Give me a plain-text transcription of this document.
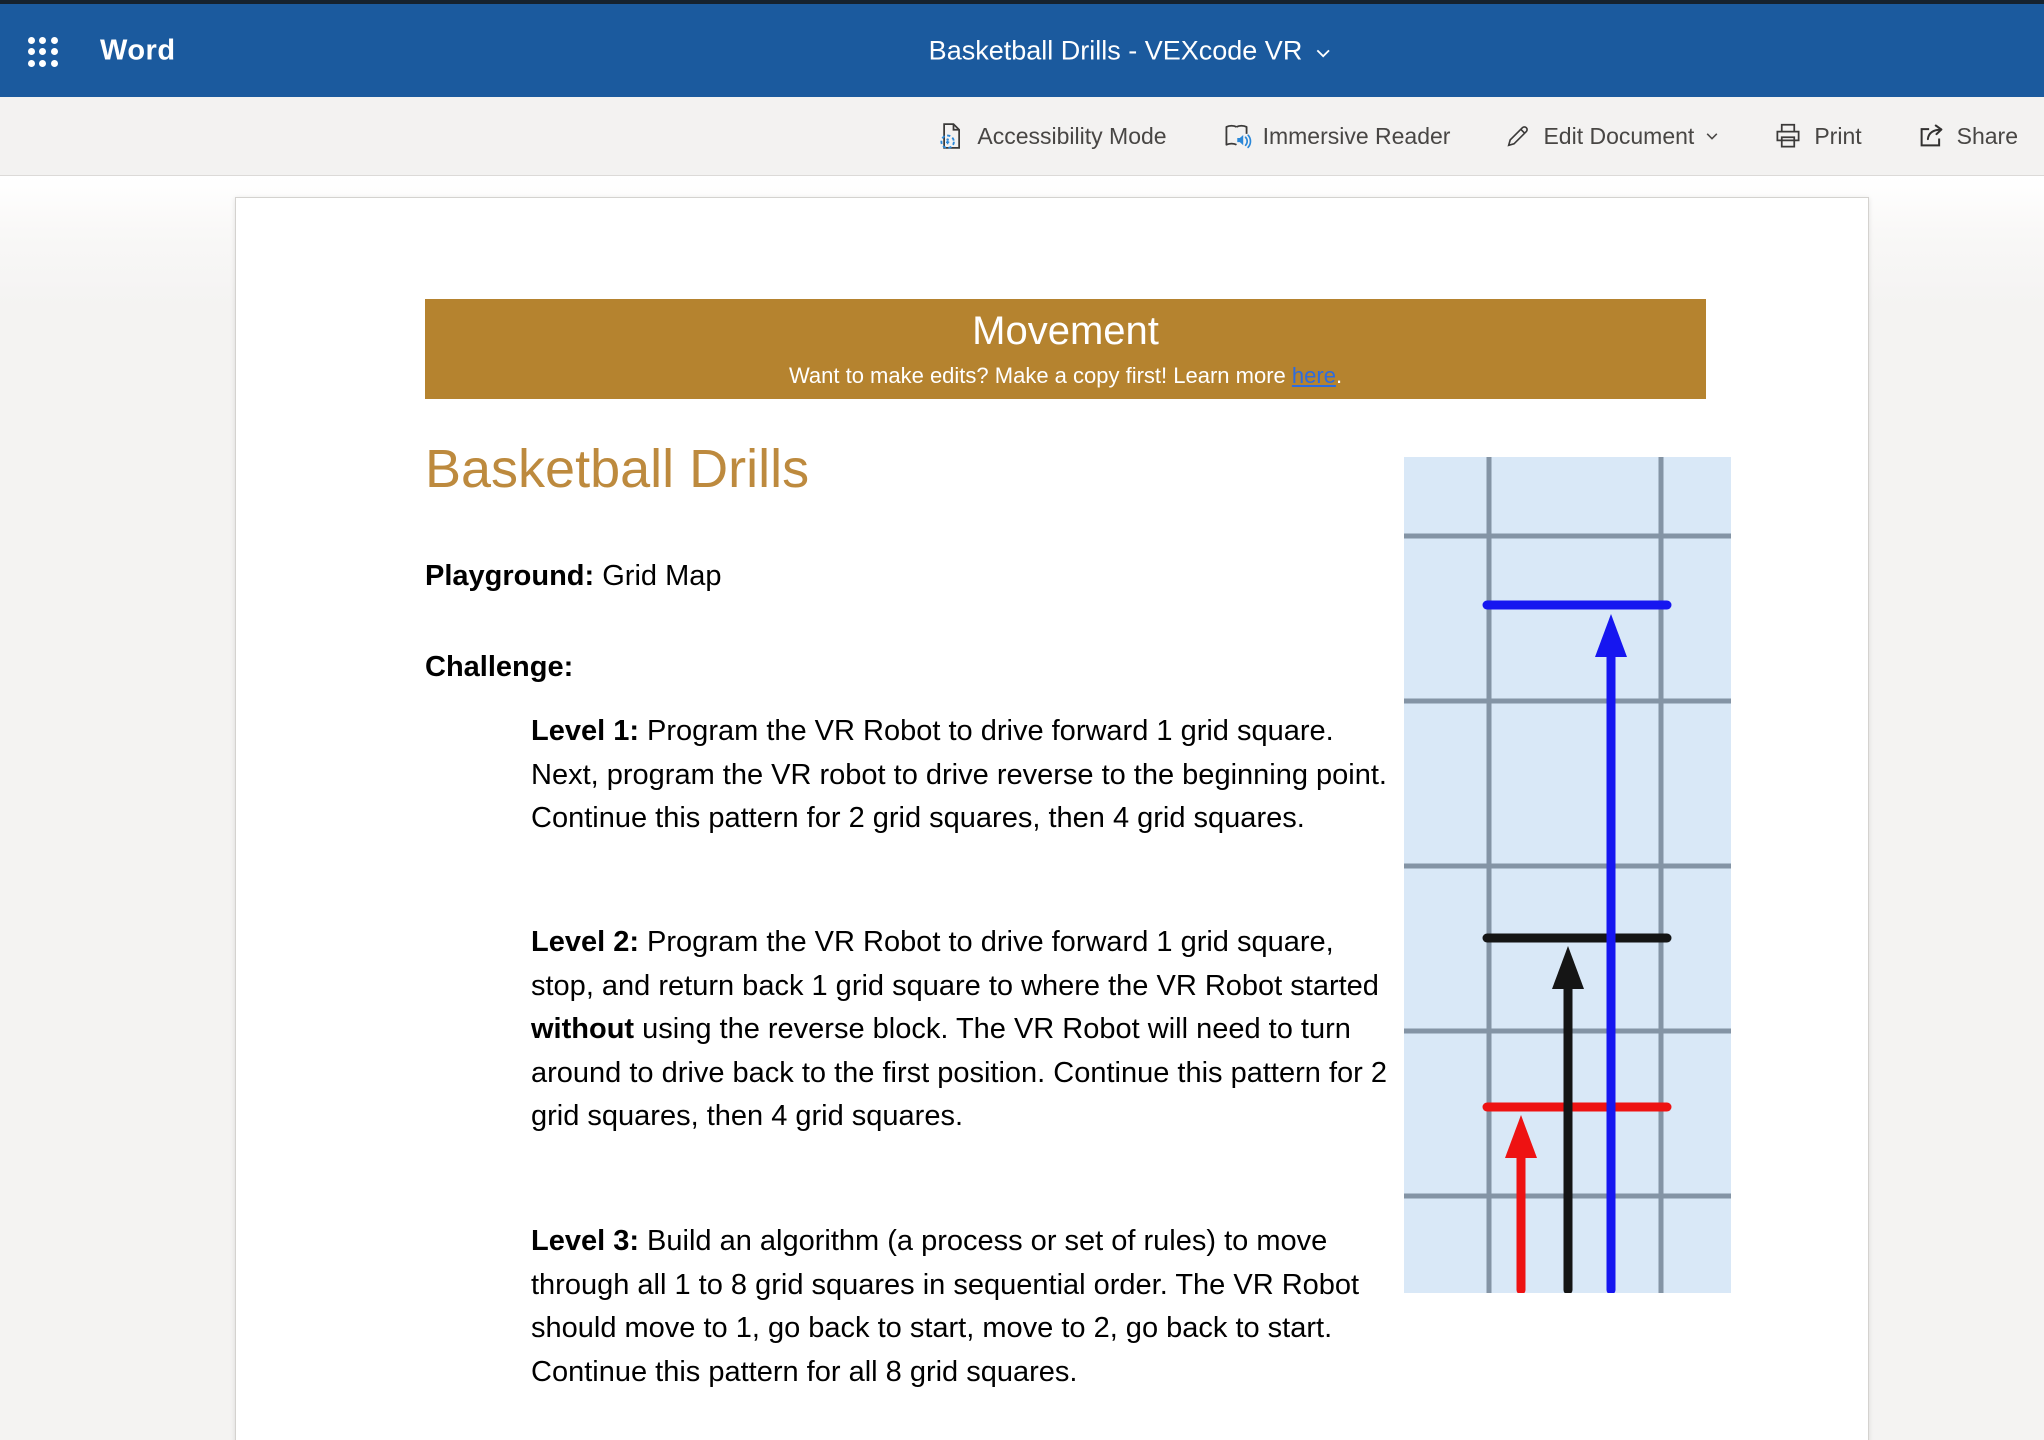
Word	Basketball Drills - VEXcode VR
Accessibility Mode	Immersive Reader	Edit Document	Print	Share
Movement
Want to make edits? Make a copy first! Learn more here.
Basketball Drills
Playground: Grid Map
Challenge:

Level 1: Program the VR Robot to drive forward 1 grid square. Next, program the VR robot to drive reverse to the beginning point. Continue this pattern for 2 grid squares, then 4 grid squares.

Level 2: Program the VR Robot to drive forward 1 grid square, stop, and return back 1 grid square to where the VR Robot started without using the reverse block. The VR Robot will need to turn around to drive back to the first position. Continue this pattern for 2 grid squares, then 4 grid squares.

Level 3: Build an algorithm (a process or set of rules) to move through all 1 to 8 grid squares in sequential order. The VR Robot should move to 1, go back to start, move to 2, go back to start. Continue this pattern for all 8 grid squares.
